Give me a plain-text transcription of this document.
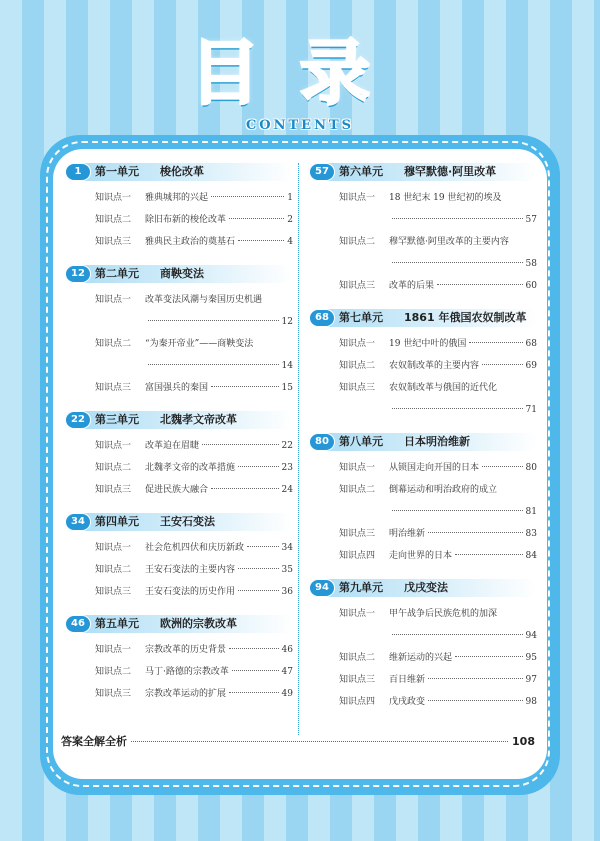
目录
CONTENTS
1	第一单元 梭伦改革
知识点一	雅典城邦的兴起	1
知识点二	除旧布新的梭伦改革	2
知识点三	雅典民主政治的奠基石	4
12 第二单元 商鞅变法
知识点一	改革变法风潮与秦国历史机遇
12
知识点二	“为秦开帝业”——商鞅变法
14
知识点三	富国强兵的秦国	15
22 第三单元 北魏孝文帝改革
知识点一	改革迫在眉睫	22
知识点二	北魏孝文帝的改革措施	23
知识点三	促进民族大融合	24
34 第四单元 王安石变法
知识点一	社会危机四伏和庆历新政	34
知识点二	王安石变法的主要内容	35
知识点三	王安石变法的历史作用	36
46 第五单元 欧洲的宗教改革
知识点一	宗教改革的历史背景	46
知识点二	马丁·路德的宗教改革	47
知识点三	宗教改革运动的扩展	49
57 第六单元 穆罕默德·阿里改革
知识点一	18 世纪末 19 世纪初的埃及
57
知识点二	穆罕默德·阿里改革的主要内容
58
知识点三	改革的后果	60
68 第七单元 1861 年俄国农奴制改革
知识点一	19 世纪中叶的俄国	68
知识点二	农奴制改革的主要内容	69
知识点三	农奴制改革与俄国的近代化
71
80 第八单元 日本明治维新
知识点一	从锁国走向开国的日本	80
知识点二	倒幕运动和明治政府的成立
81
知识点三	明治维新	83
知识点四	走向世界的日本	84
94 第九单元 戊戌变法
知识点一	甲午战争后民族危机的加深
94
知识点二	维新运动的兴起	95
知识点三	百日维新	97
知识点四	戊戌政变	98
答案全解全析	108
